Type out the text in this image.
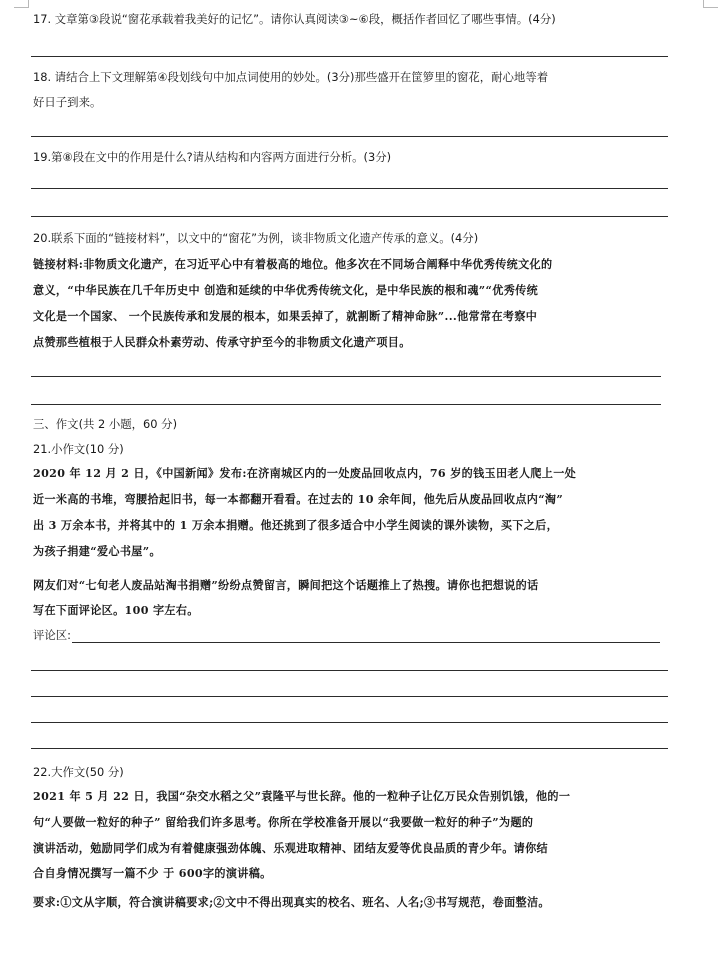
17. 文章第③段说“窗花承载着我美好的记忆”。请你认真阅读③~⑥段，概括作者回忆了哪些事情。(4分)
18. 请结合上下文理解第④段划线句中加点词使用的妙处。(3分)那些盛开在筐箩里的窗花，耐心地等着
好日子到来。
19.第⑧段在文中的作用是什么?请从结构和内容两方面进行分析。(3分)
20.联系下面的“链接材料”，以文中的“窗花”为例，谈非物质文化遗产传承的意义。(4分)
链接材料:非物质文化遗产，在习近平心中有着极高的地位。他多次在不同场合阐释中华优秀传统文化的
意义，“中华民族在几千年历史中 创造和延续的中华优秀传统文化，是中华民族的根和魂”“优秀传统
文化是一个国家、 一个民族传承和发展的根本，如果丢掉了，就割断了精神命脉”...他常常在考察中
点赞那些植根于人民群众朴素劳动、传承守护至今的非物质文化遗产项目。
三、作文(共 2 小题，60 分)
21.小作文(10 分)
2020 年 12 月 2 日，《中国新闻》发布:在济南城区内的一处废品回收点内，76 岁的钱玉田老人爬上一处
近一米高的书堆，弯腰拾起旧书，每一本都翻开看看。在过去的 10 余年间，他先后从废品回收点内“淘”
出 3 万余本书，并将其中的 1 万余本捐赠。他还挑到了很多适合中小学生阅读的课外读物，买下之后，
为孩子捐建“爱心书屋”。
网友们对“七旬老人废品站淘书捐赠”纷纷点赞留言，瞬间把这个话题推上了热搜。请你也把想说的话
写在下面评论区。100 字左右。
评论区:
22.大作文(50 分)
2021 年 5 月 22 日，我国“杂交水稻之父”袁隆平与世长辞。他的一粒种子让亿万民众告别饥饿，他的一
句“人要做一粒好的种子” 留给我们许多思考。你所在学校准备开展以“我要做一粒好的种子”为题的
演讲活动，勉励同学们成为有着健康强劲体魄、乐观进取精神、团结友爱等优良品质的青少年。请你结
合自身情况撰写一篇不少 于 600字的演讲稿。
要求:①文从字顺，符合演讲稿要求;②文中不得出现真实的校名、班名、人名;③书写规范，卷面整洁。
